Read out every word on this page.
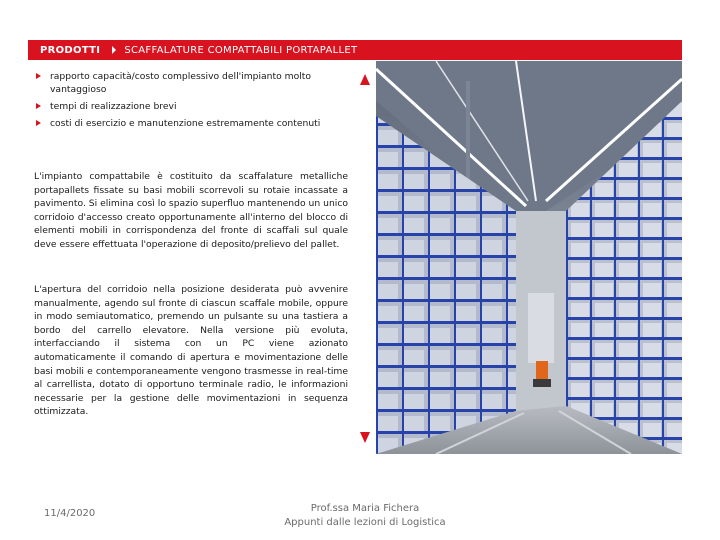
PRODOTTI SCAFFALATURE COMPATTABILI PORTAPALLET
rapporto capacità/costo complessivo dell'impianto molto vantaggioso
tempi di realizzazione brevi
costi di esercizio e manutenzione estremamente contenuti
L'impianto compattabile è costituito da scaffalature metalliche portapallets fissate su basi mobili scorrevoli su rotaie incassate a pavimento. Si elimina così lo spazio superfluo mantenendo un unico corridoio d'accesso creato opportunamente all'interno del blocco di elementi mobili in corrispondenza del fronte di scaffali sul quale deve essere effettuata l'operazione di deposito/prelievo del pallet.
L'apertura del corridoio nella posizione desiderata può avvenire manualmente, agendo sul fronte di ciascun scaffale mobile, oppure in modo semiautomatico, premendo un pulsante su una tastiera a bordo del carrello elevatore. Nella versione più evoluta, interfacciando il sistema con un PC viene azionato automaticamente il comando di apertura e movimentazione delle basi mobili e contemporaneamente vengono trasmesse in real-time al carrellista, dotato di opportuno terminale radio, le informazioni necessarie per la gestione delle movimentazioni in sequenza ottimizzata.
11/4/2020	Prof.ssa Maria Fichera
Appunti dalle lezioni di Logistica
